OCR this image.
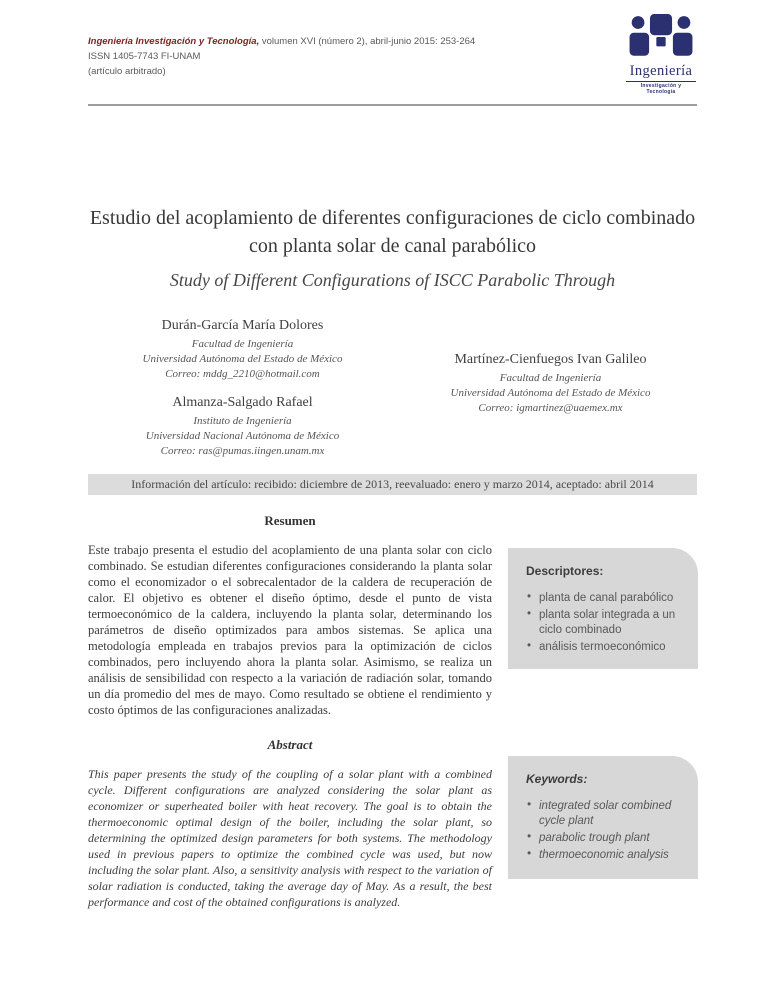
Ingeniería Investigación y Tecnología, volumen XVI (número 2), abril-junio 2015: 253-264
ISSN 1405-7743 FI-UNAM
(artículo arbitrado)	Ingeniería
Investigación y Tecnología
Estudio del acoplamiento de diferentes configuraciones de ciclo combinado con planta solar de canal parabólico
Study of Different Configurations of ISCC Parabolic Through
Durán-García María Dolores
Facultad de Ingeniería
Universidad Autónoma del Estado de México
Correo: mddg_2210@hotmail.com
Almanza-Salgado Rafael
Instituto de Ingeniería
Universidad Nacional Autónoma de México
Correo: ras@pumas.iingen.unam.mx
Martínez-Cienfuegos Ivan Galileo
Facultad de Ingeniería
Universidad Autónoma del Estado de México
Correo: igmartinez@uaemex.mx
Información del artículo: recibido: diciembre de 2013, reevaluado: enero y marzo 2014, aceptado: abril 2014
Resumen

Este trabajo presenta el estudio del acoplamiento de una planta solar con ciclo combinado. Se estudian diferentes configuraciones considerando la planta solar como el economizador o el sobrecalentador de la caldera de recuperación de calor. El objetivo es obtener el diseño óptimo, desde el punto de vista termoeconómico de la caldera, incluyendo la planta solar, determinando los parámetros de diseño optimizados para ambos sistemas. Se aplica una metodología empleada en trabajos previos para la optimización de ciclos combinados, pero incluyendo ahora la planta solar. Asimismo, se realiza un análisis de sensibilidad con respecto a la variación de radiación solar, tomando un día promedio del mes de mayo. Como resultado se obtiene el rendimiento y costo óptimos de las configuraciones analizadas.

Abstract

This paper presents the study of the coupling of a solar plant with a combined cycle. Different configurations are analyzed considering the solar plant as economizer or superheated boiler with heat recovery. The goal is to obtain the thermoeconomic optimal design of the boiler, including the solar plant, so determining the optimized design parameters for both systems. The methodology used in previous papers to optimize the combined cycle was used, but now including the solar plant. Also, a sensitivity analysis with respect to the variation of solar radiation is conducted, taking the average day of May. As a result, the best performance and cost of the obtained configurations is analyzed.

Descriptores:
• planta de canal parabólico
• planta solar integrada a un ciclo combinado
• análisis termoeconómico
Keywords:
• integrated solar combined cycle plant
• parabolic trough plant
• thermoeconomic analysis
